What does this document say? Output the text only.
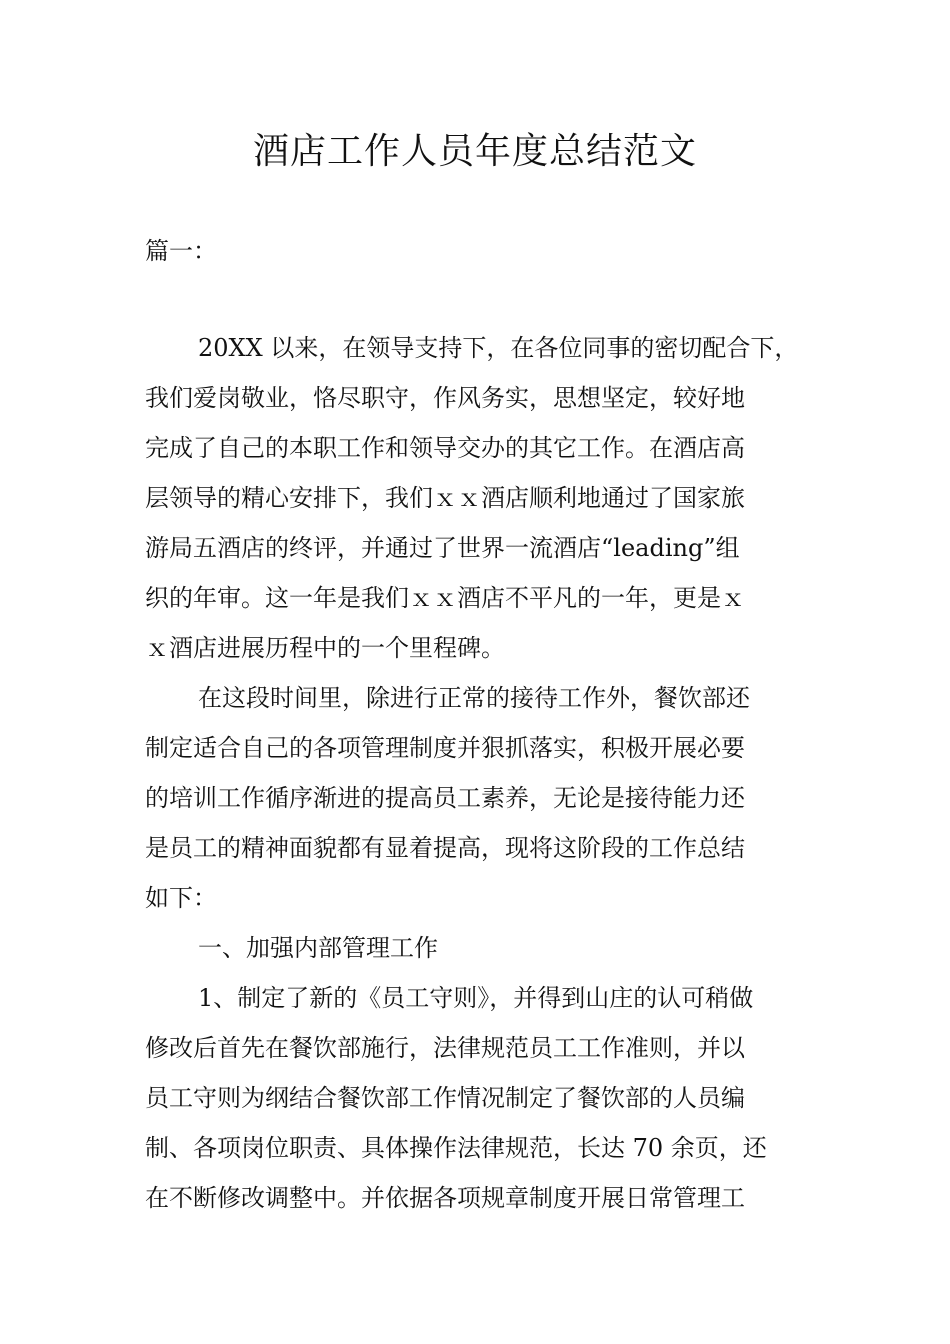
酒店工作人员年度总结范文
篇一：
20XX 以来，在领导支持下，在各位同事的密切配合下，
我们爱岗敬业，恪尽职守，作风务实，思想坚定，较好地
完成了自己的本职工作和领导交办的其它工作。在酒店高
层领导的精心安排下，我们ｘｘ酒店顺利地通过了国家旅
游局五酒店的终评，并通过了世界一流酒店“leading”组
织的年审。这一年是我们ｘｘ酒店不平凡的一年，更是ｘ
ｘ酒店进展历程中的一个里程碑。
在这段时间里，除进行正常的接待工作外，餐饮部还
制定适合自己的各项管理制度并狠抓落实，积极开展必要
的培训工作循序渐进的提高员工素养，无论是接待能力还
是员工的精神面貌都有显着提高，现将这阶段的工作总结
如下：
一、加强内部管理工作
1、制定了新的《员工守则》，并得到山庄的认可稍做
修改后首先在餐饮部施行，法律规范员工工作准则，并以
员工守则为纲结合餐饮部工作情况制定了餐饮部的人员编
制、各项岗位职责、具体操作法律规范，长达 70 余页，还
在不断修改调整中。并依据各项规章制度开展日常管理工
